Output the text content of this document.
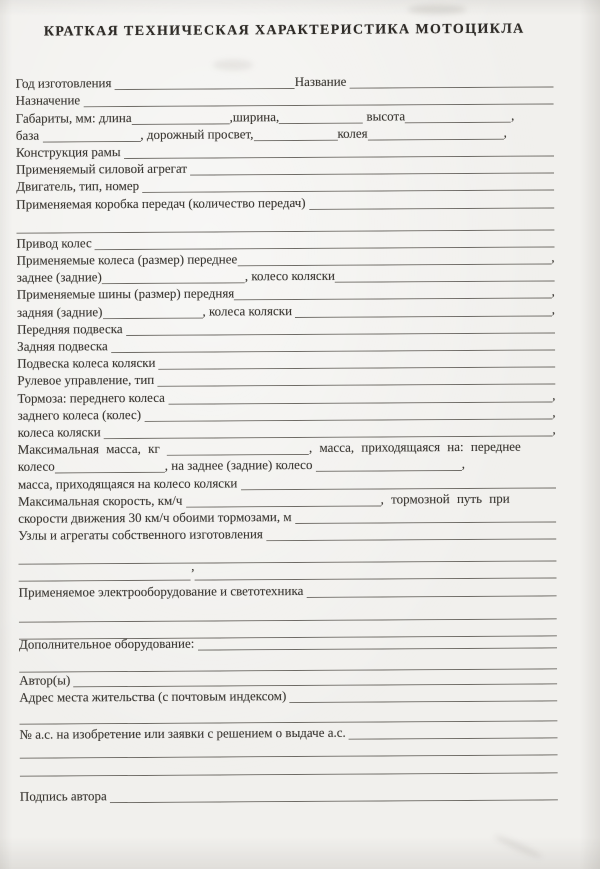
КРАТКАЯ ТЕХНИЧЕСКАЯ ХАРАКТЕРИСТИКА МОТОЦИКЛА
Год изготовления	Название
Назначение
Габариты, мм: длина	,ширина,	высота	,
база	, дорожный просвет,	колея	,
Конструкция рамы
Применяемый силовой агрегат
Двигатель, тип, номер
Применяемая коробка передач (количество передач)
Привод колес
Применяемые колеса (размер) переднее	,
заднее (задние)	, колесо коляски
Применяемые шины (размер) передняя	,
задняя (задние)	, колеса коляски	,
Передняя подвеска
Задняя подвеска
Подвеска колеса коляски
Рулевое управление, тип
Тормоза: переднего колеса	,
заднего колеса (колес)	,
колеса коляски	,
Максимальная масса, кг	, масса, приходящаяся на: переднее
колесо	, на заднее (задние) колесо	,
масса, приходящаяся на колесо коляски
Максимальная скорость, км/ч	, тормозной путь при
скорости движения 30 км/ч обоими тормозами, м
Узлы и агрегаты собственного изготовления
’
Применяемое электрооборудование и светотехника
Дополнительное оборудование:
Автор(ы)
Адрес места жительства (с почтовым индексом)
№ а.с. на изобретение или заявки с решением о выдаче а.с.
Подпись автора
